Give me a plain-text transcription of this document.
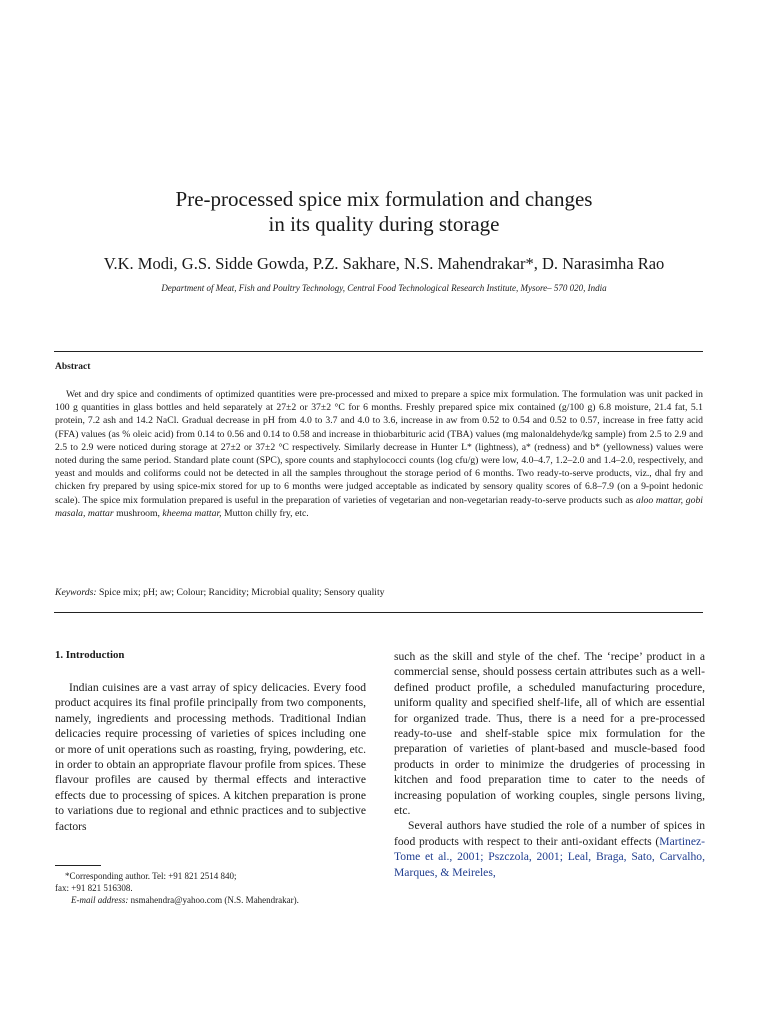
Pre-processed spice mix formulation and changes
in its quality during storage
V.K. Modi, G.S. Sidde Gowda, P.Z. Sakhare, N.S. Mahendrakar*, D. Narasimha Rao
Department of Meat, Fish and Poultry Technology, Central Food Technological Research Institute, Mysore– 570 020, India
Abstract

Wet and dry spice and condiments of optimized quantities were pre-processed and mixed to prepare a spice mix formulation. The formulation was unit packed in 100 g quantities in glass bottles and held separately at 27±2 or 37±2 °C for 6 months. Freshly prepared spice mix contained (g/100 g) 6.8 moisture, 21.4 fat, 5.1 protein, 7.2 ash and 14.2 NaCl. Gradual decrease in pH from 4.0 to 3.7 and 4.0 to 3.6, increase in aw from 0.52 to 0.54 and 0.52 to 0.57, increase in free fatty acid (FFA) values (as % oleic acid) from 0.14 to 0.56 and 0.14 to 0.58 and increase in thiobarbituric acid (TBA) values (mg malonaldehyde/kg sample) from 2.5 to 2.9 and 2.5 to 2.9 were noticed during storage at 27±2 or 37±2 °C respectively. Similarly decrease in Hunter L* (lightness), a* (redness) and b* (yellowness) values were noted during the same period. Standard plate count (SPC), spore counts and staphylococci counts (log cfu/g) were low, 4.0–4.7, 1.2–2.0 and 1.4–2.0, respectively, and yeast and moulds and coliforms could not be detected in all the samples throughout the storage period of 6 months. Two ready-to-serve products, viz., dhal fry and chicken fry prepared by using spice-mix stored for up to 6 months were judged acceptable as indicated by sensory quality scores of 6.8–7.9 (on a 9-point hedonic scale). The spice mix formulation prepared is useful in the preparation of varieties of vegetarian and non-vegetarian ready-to-serve products such as aloo mattar, gobi masala, mattar mushroom, kheema mattar, Mutton chilly fry, etc.

Keywords: Spice mix; pH; aw; Colour; Rancidity; Microbial quality; Sensory quality
1. Introduction

Indian cuisines are a vast array of spicy delicacies. Every food product acquires its final profile principally from two components, namely, ingredients and processing methods. Traditional Indian delicacies require processing of varieties of spices including one or more of unit operations such as roasting, frying, powdering, etc. in order to obtain an appropriate flavour profile from spices. These flavour profiles are caused by thermal effects and interactive effects due to processing of spices. A kitchen preparation is prone to variations due to regional and ethnic practices and to subjective factors

*Corresponding author. Tel: +91 821 2514 840;
fax: +91 821 516308.
E-mail address: nsmahendra@yahoo.com (N.S. Mahendrakar).

such as the skill and style of the chef. The ‘recipe’ product in a commercial sense, should possess certain attributes such as a well-defined product profile, a scheduled manufacturing procedure, uniform quality and specified shelf-life, all of which are essential for organized trade. Thus, there is a need for a pre-processed ready-to-use and shelf-stable spice mix formulation for the preparation of varieties of plant-based and muscle-based food products in order to minimize the drudgeries of processing in kitchen and food preparation time to cater to the needs of increasing population of working couples, single persons living, etc.

Several authors have studied the role of a number of spices in food products with respect to their anti-oxidant effects (Martinez-Tome et al., 2001; Pszczola, 2001; Leal, Braga, Sato, Carvalho, Marques, & Meireles,
